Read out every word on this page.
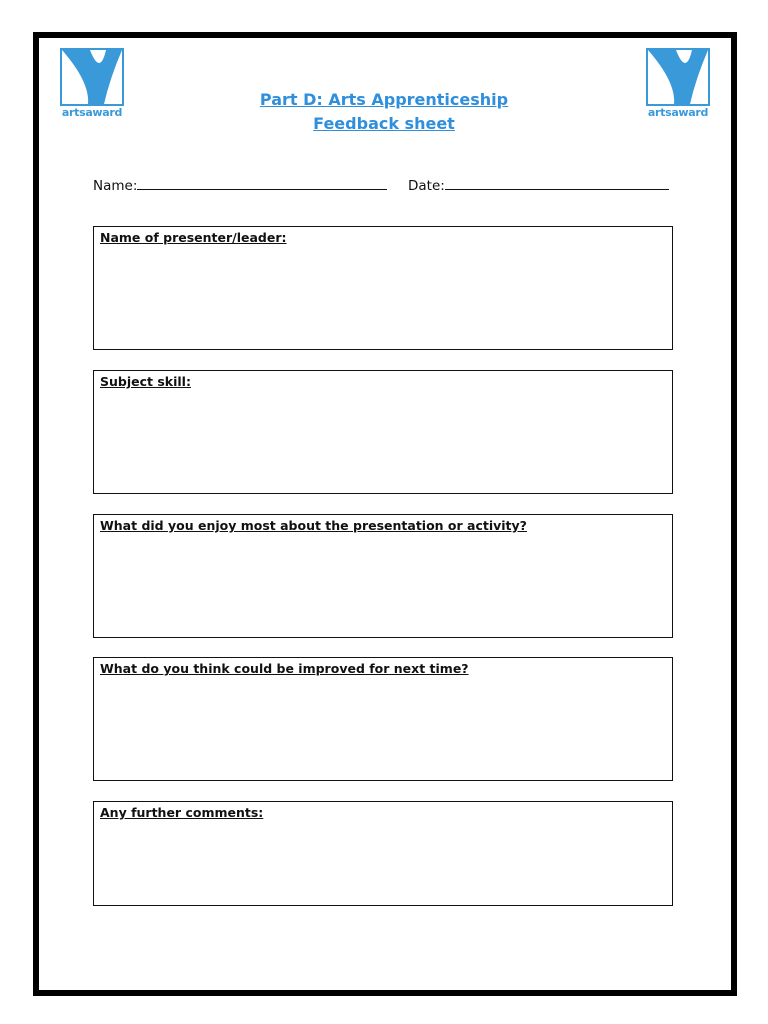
artsaward	artsaward
Part D: Arts Apprenticeship
Feedback sheet
Name:	Date:
Name of presenter/leader:
Subject skill:
What did you enjoy most about the presentation or activity?
What do you think could be improved for next time?
Any further comments:
